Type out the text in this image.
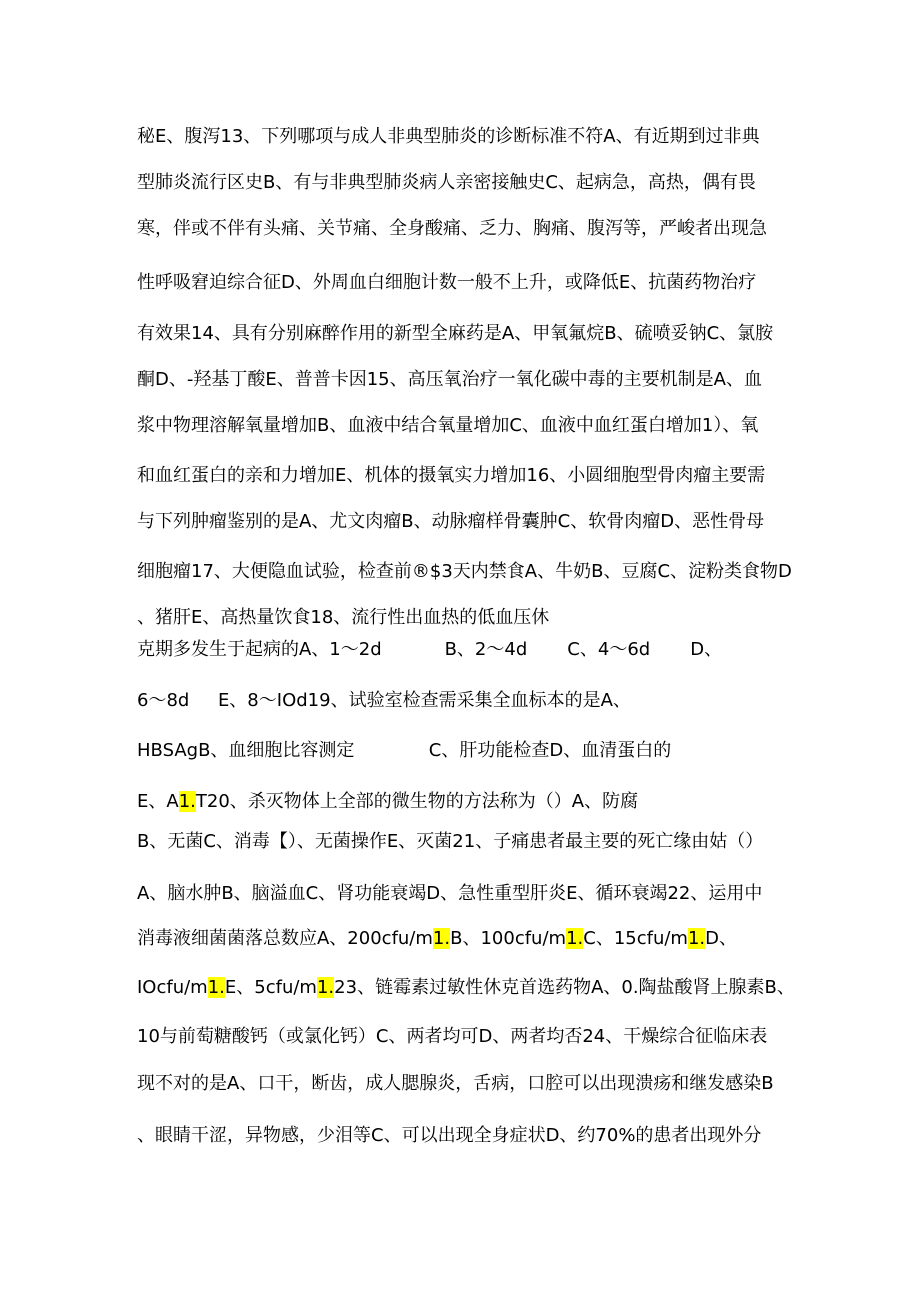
秘E、腹泻13、下列哪项与成人非典型肺炎的诊断标准不符A、有近期到过非典
型肺炎流行区史B、有与非典型肺炎病人亲密接触史C、起病急，高热，偶有畏
寒，伴或不伴有头痛、关节痛、全身酸痛、乏力、胸痛、腹泻等，严峻者出现急
性呼吸窘迫综合征D、外周血白细胞计数一般不上升，或降低E、抗菌药物治疗
有效果14、具有分别麻醉作用的新型全麻药是A、甲氧氟烷B、硫喷妥钠C、氯胺
酮D、-羟基丁酸E、普普卡因15、高压氧治疗一氧化碳中毒的主要机制是A、血
浆中物理溶解氧量增加B、血液中结合氧量增加C、血液中血红蛋白增加1）、氧
和血红蛋白的亲和力增加E、机体的摄氧实力增加16、小圆细胞型骨肉瘤主要需
与下列肿瘤鉴别的是A、尤文肉瘤B、动脉瘤样骨囊肿C、软骨肉瘤D、恶性骨母
细胞瘤17、大便隐血试验，检查前®$3天内禁食A、牛奶B、豆腐C、淀粉类食物D
、猪肝E、高热量饮食18、流行性出血热的低血压休
克期多发生于起病的A、1～2d           B、2～4d       C、4～6d       D、
6～8d     E、8～IOd19、试验室检查需采集全血标本的是A、
HBSAgB、血细胞比容测定             C、肝功能检查D、血清蛋白的
E、A1.T20、杀灭物体上全部的微生物的方法称为（）A、防腐
B、无菌C、消毒【）、无菌操作E、灭菌21、子痛患者最主要的死亡缘由姑（）
A、脑水肿B、脑溢血C、肾功能衰竭D、急性重型肝炎E、循环衰竭22、运用中
消毒液细菌菌落总数应A、200cfu/m1.B、100cfu/m1.C、15cfu/m1.D、
IOcfu/m1.E、5cfu/m1.23、链霉素过敏性休克首选药物A、0.陶盐酸肾上腺素B、
10与前萄糖酸钙（或氯化钙）C、两者均可D、两者均否24、干燥综合征临床表
现不对的是A、口干，断齿，成人腮腺炎，舌病，口腔可以出现溃疡和继发感染B
、眼睛干涩，异物感，少泪等C、可以出现全身症状D、约70%的患者出现外分
